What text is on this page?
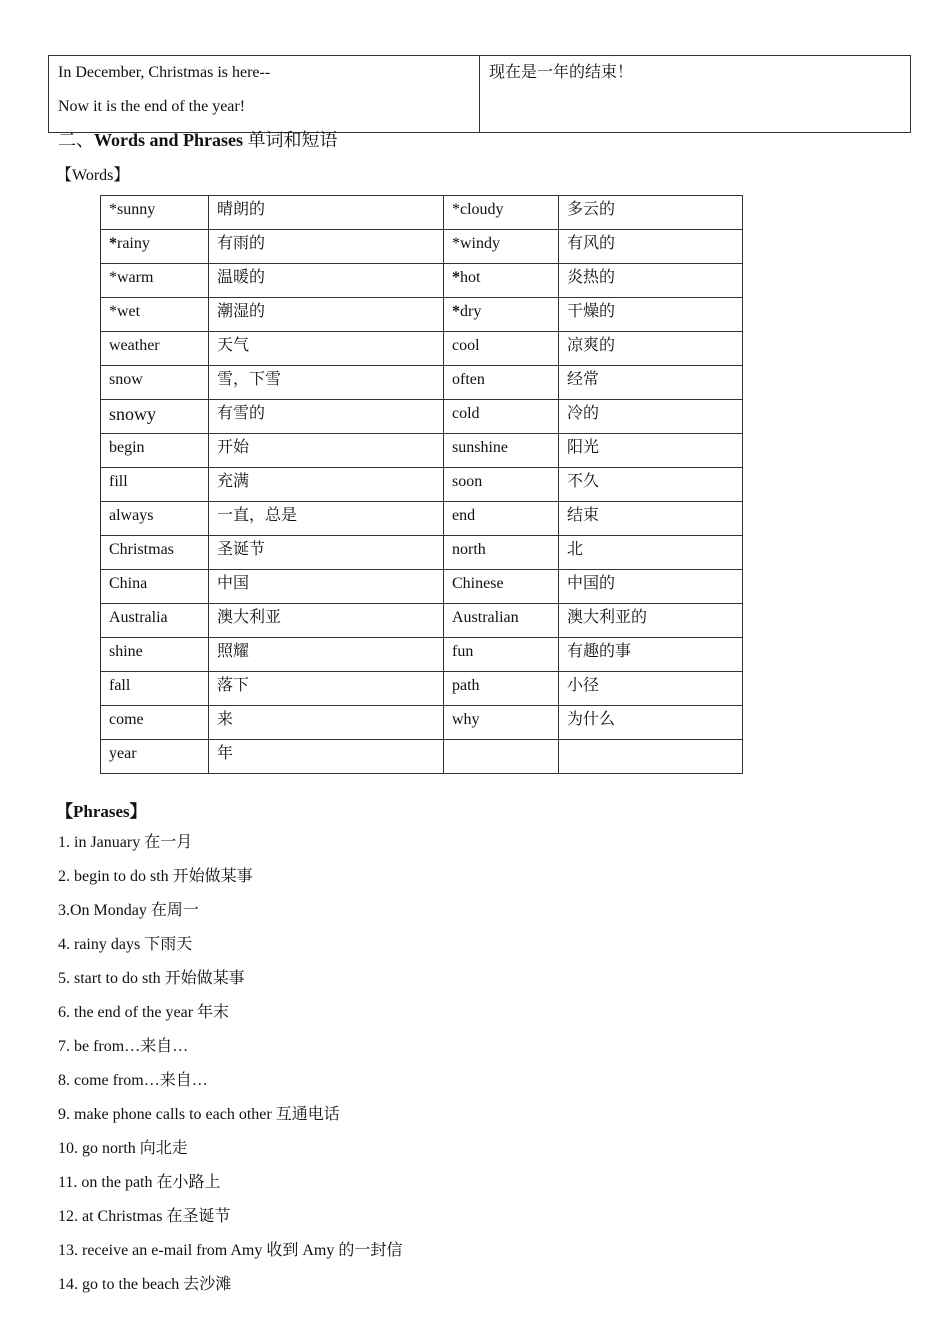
In December, Christmas is here--
Now it is the end of the year!

现在是一年的结束！
二、Words and Phrases 单词和短语
【Words】
*sunny	晴朗的	*cloudy	多云的
*rainy	有雨的	*windy	有风的
*warm	温暖的	*hot	炎热的
*wet	潮湿的	*dry	干燥的
weather	天气	cool	凉爽的
snow	雪，下雪	often	经常
snowy	有雪的	cold	冷的
begin	开始	sunshine	阳光
fill	充满	soon	不久
always	一直，总是	end	结束
Christmas	圣诞节	north	北
China	中国	Chinese	中国的
Australia	澳大利亚	Australian	澳大利亚的
shine	照耀	fun	有趣的事
fall	落下	path	小径
come	来	why	为什么
year	年		
【Phrases】
1. in January 在一月
2. begin to do sth 开始做某事
3.On Monday 在周一
4. rainy days 下雨天
5. start to do sth 开始做某事
6. the end of the year 年末
7. be from…来自…
8. come from…来自…
9. make phone calls to each other 互通电话
10. go north 向北走
11. on the path 在小路上
12. at Christmas 在圣诞节
13. receive an e-mail from Amy 收到 Amy 的一封信
14. go to the beach 去沙滩
